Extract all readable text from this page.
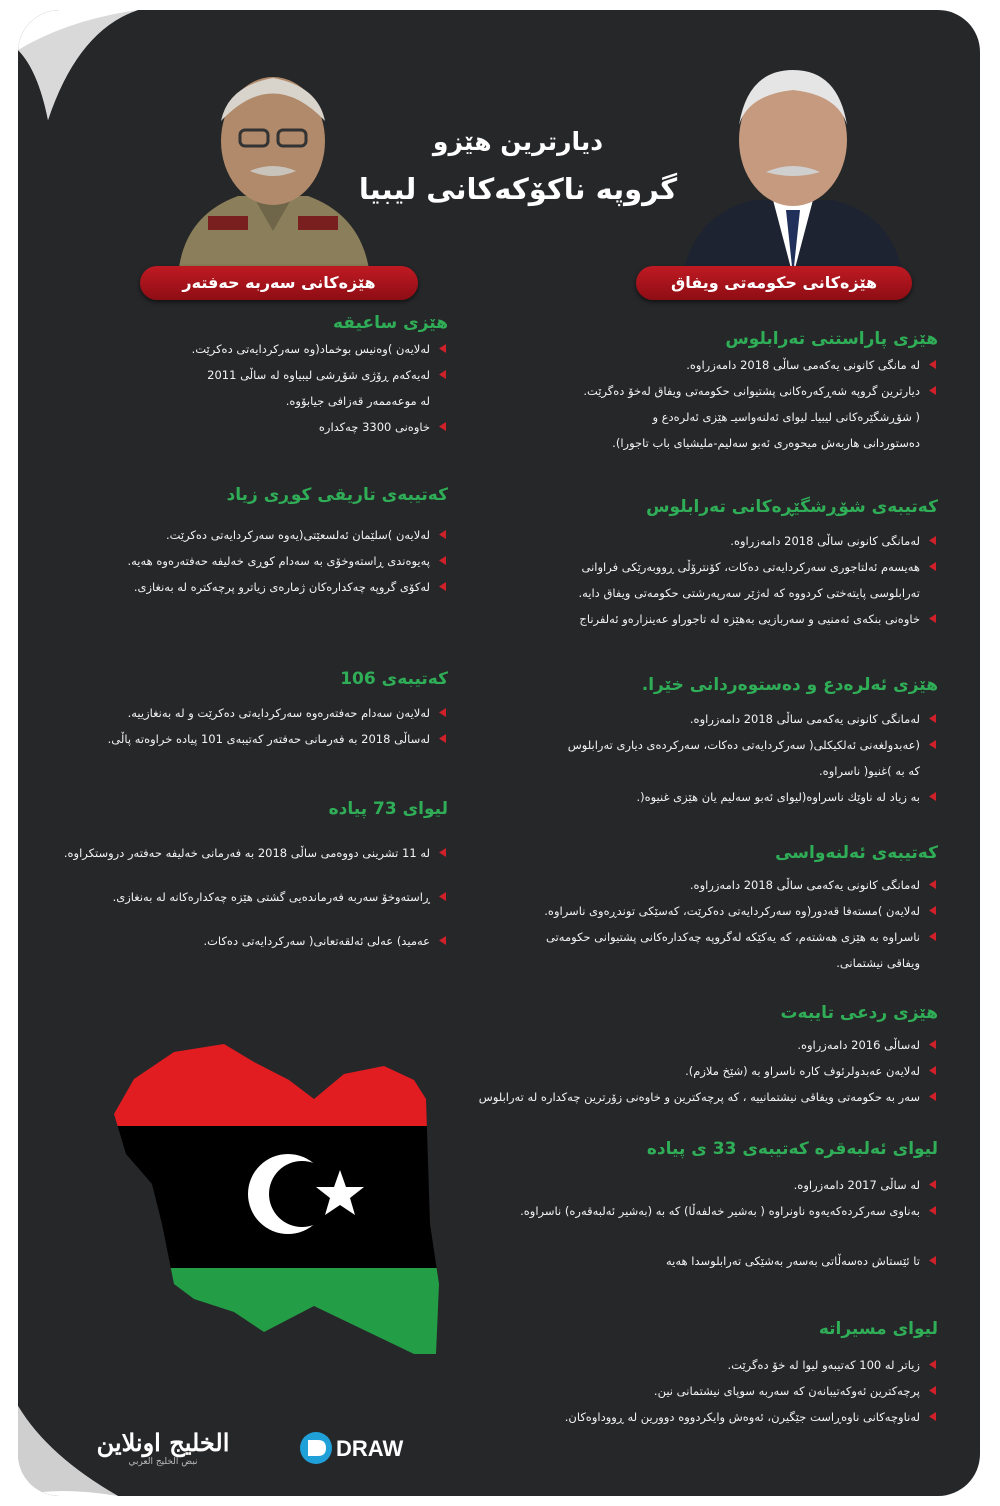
دیارترین هێزو
گروپە ناکۆکەکانی لیبیا
هێزەکانی سەربە حەفتەر	هێزەکانی حکومەتی ویفاق
هێزی ساعیقە
لەلایەن )وەنیس بوخماد(وە سەرکردایەتی دەکرێت.
لەیەکەم ڕۆژی شۆڕشی لیبیاوە لە ساڵی 2011
لە موعەممەر قەزافی جیابۆوە.
خاوەنی 3300 چەکدارە
کەتیبەی تاریقی کوڕی زیاد
لەلایەن )سلێمان ئەلسعێتی(یەوە سەرکردایەتی دەکرێت.
پەیوەندی ڕاستەوخۆی بە سەدام کوڕی خەلیفە حەفتەرەوە هەیە.
لەکۆی گروپە چەکدارەکان ژمارەی زیاترو پرچەکترە لە بەنغازی.
کەتیبەی 106
لەلایەن سەدام حەفتەرەوە سەرکردایەتی دەکرێت و لە بەنغازییە.
لەساڵی 2018 بە فەرمانی حەفتەر کەتیبەی 101 پیادە خراوەتە پاڵی.
لیوای 73 پیادە
لە 11 تشرینی دووەمی ساڵی 2018 بە فەرمانی خەلیفە حەفتەر دروستکراوە.
ڕاستەوخۆ سەربە فەرماندەیی گشتی هێزە چەکدارەکانە لە بەنغازی.
عەمید) عەلی ئەلقەتعانی( سەرکردایەتی دەکات.
هێزی پاراستنی تەرابلوس
لە مانگی کانونی یەکەمی ساڵی 2018 دامەزراوە.
دیارترین گروپە شەڕکەرەکانی پشتیوانی حکومەتی ویفاق لەخۆ دەگرێت.
( شۆڕشگێرەکانی لیبیاـ لیوای ئەلنەواسیـ هێزی ئەلرەدع و
دەستوردانی هاربەش میحوەری ئەبو سەلیم-ملیشیای باب تاجورا).
کەتیبەی شۆڕشگێڕەکانی تەرابلوس
لەمانگی کانونی ساڵی 2018 دامەزراوە.
هەیسەم ئەلتاجوری سەرکردایەتی دەکات، کۆنترۆڵی ڕووبەرێکی فراوانی
تەرابلوسی پایتەختی کردووە کە لەژێر سەرپەرشتی حکومەتی ویفاق دایە.
خاوەنی بنکەی ئەمنیی و سەربازیی بەهێزە لە تاجوراو عەینزارەو ئەلفرناج
هێزی ئەلرەدع و دەستوەردانی خێرا.
لەمانگی کانونی یەکەمی ساڵی 2018 دامەزراوە.
(عەبدولغەنی ئەلکیکلی( سەرکردایەتی دەکات، سەرکردەی دیاری تەرابلوس
کە بە )غنیو( ناسراوە.
بە زیاد لە ناوێك ناسراوە(لیوای ئەبو سەلیم یان هێزی غنیوە(.
کەتیبەی ئەلنەواسی
لەمانگی کانونی یەکەمی ساڵی 2018 دامەزراوە.
لەلایەن )مستەفا قەدور(وە سەرکردایەتی دەکرێت، کەسێکی توندڕەوی ناسراوە.
ناسراوە بە هێزی هەشتەم، کە یەکێکە لەگروپە چەکدارەکانی پشتیوانی حکومەتی
ویفاقی نیشتمانی.
هێزی ردعی تایبەت
لەساڵی 2016 دامەزراوە.
لەلایەن عەبدولرئوف کارە ناسراو بە (شێخ ملازم).
سەر بە حکومەتی ویفاقی نیشتمانییە ، کە پرچەکترین و خاوەنی زۆرترین چەکدارە لە تەرابلوس
لیوای ئەلبەقرە کەتیبەی 33 ی پیادە
لە ساڵی 2017 دامەزراوە.
بەناوی سەرکردەکەیەوە ناونراوە ( بەشیر خەلفەڵا) کە بە (بەشیر ئەلبەقەرە) ناسراوە.
تا ئێستاش دەسەڵاتی بەسەر بەشێکی تەرابلوسدا هەیە
لیوای مسیراتە
زیاتر لە 100 کەتیبەو لیوا لە خۆ دەگرێت.
پرچەکترین ئەوکەتیبانەن کە سەربە سوپای نیشتمانی نین.
لەناوچەکانی ناوەڕاست جێگیرن، ئەوەش وایکردووە دوورین لە ڕووداوەکان.
الخليج اونلاين
نبض الخليج العربي
DRAW
